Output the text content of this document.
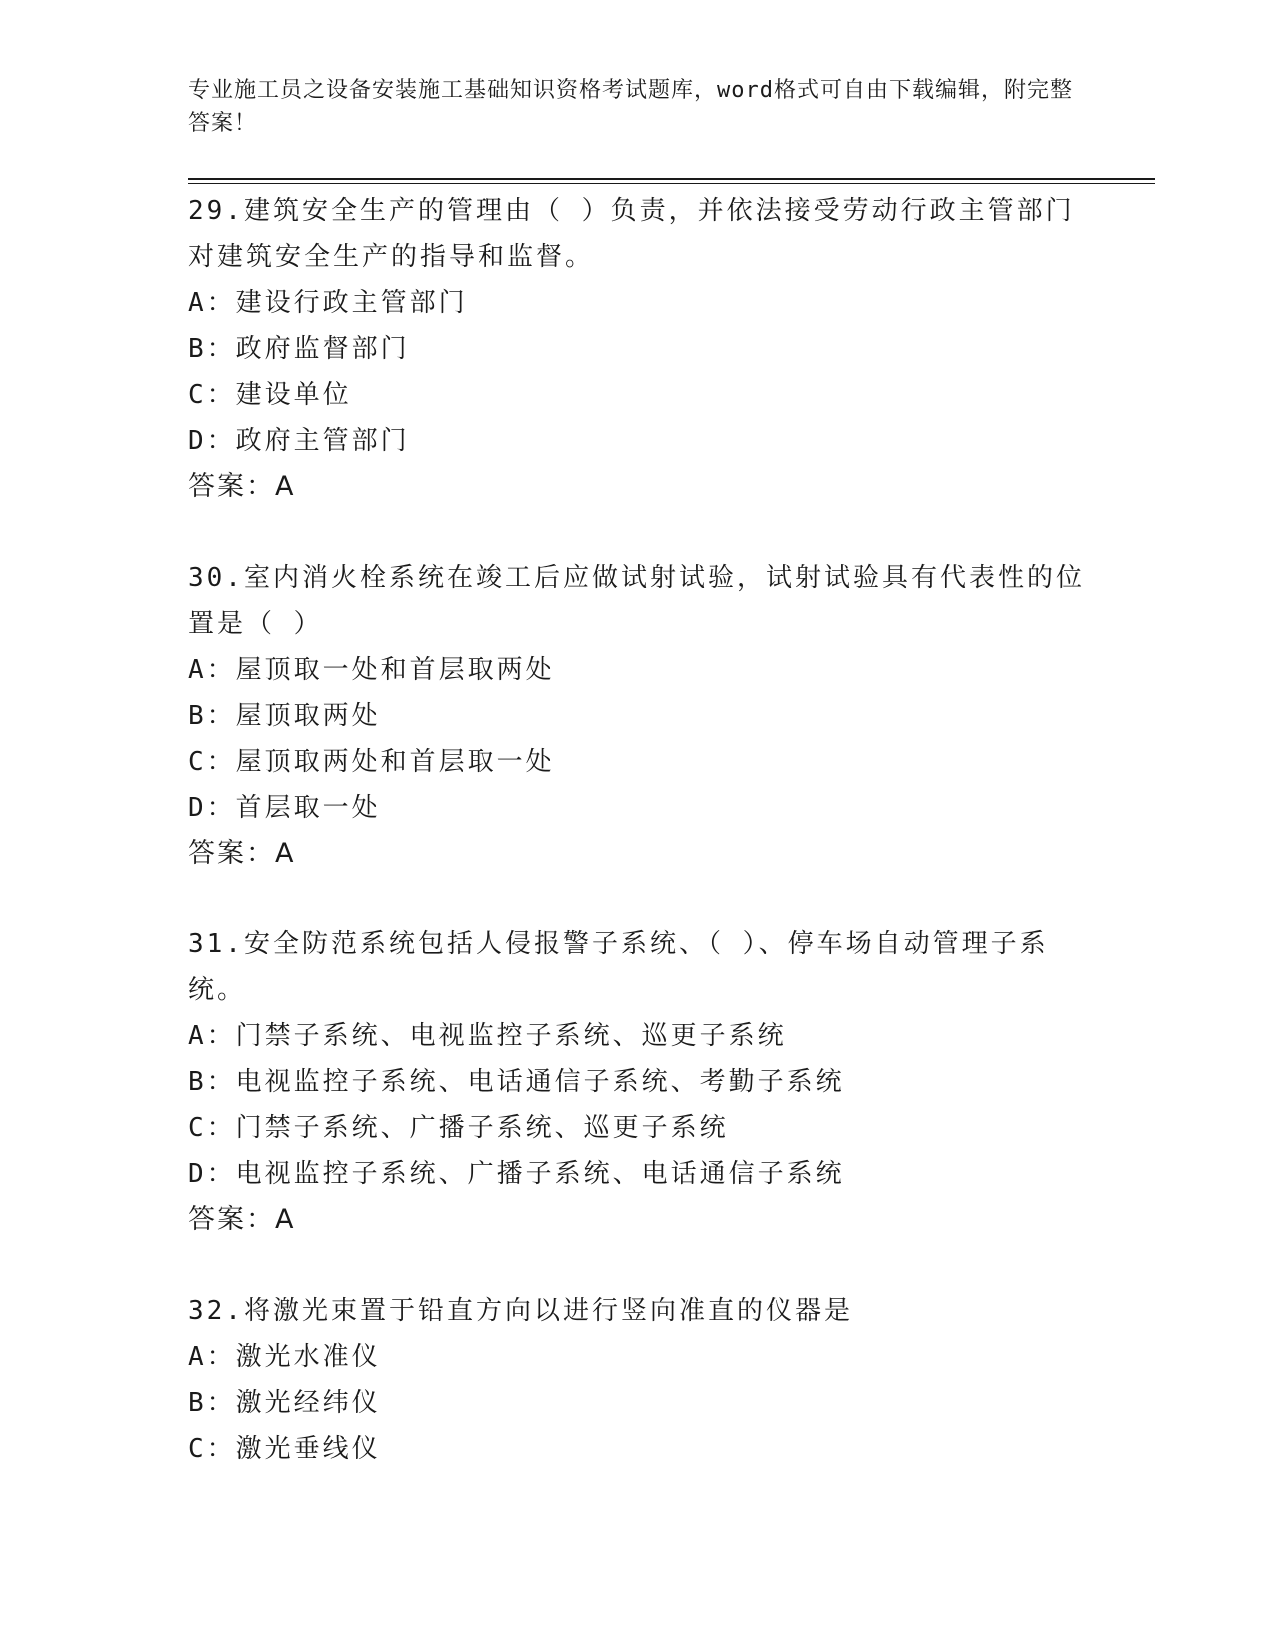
专业施工员之设备安装施工基础知识资格考试题库，word格式可自由下载编辑，附完整答案！
29.建筑安全生产的管理由（ ）负责，并依法接受劳动行政主管部门对建筑安全生产的指导和监督。
A：建设行政主管部门
B：政府监督部门
C：建设单位
D：政府主管部门
答案：A
30.室内消火栓系统在竣工后应做试射试验，试射试验具有代表性的位置是（ ）
A：屋顶取一处和首层取两处
B：屋顶取两处
C：屋顶取两处和首层取一处
D：首层取一处
答案：A
31.安全防范系统包括人侵报警子系统、（ ）、停车场自动管理子系统。
A：门禁子系统、电视监控子系统、巡更子系统
B：电视监控子系统、电话通信子系统、考勤子系统
C：门禁子系统、广播子系统、巡更子系统
D：电视监控子系统、广播子系统、电话通信子系统
答案：A
32.将激光束置于铅直方向以进行竖向准直的仪器是
A：激光水准仪
B：激光经纬仪
C：激光垂线仪
